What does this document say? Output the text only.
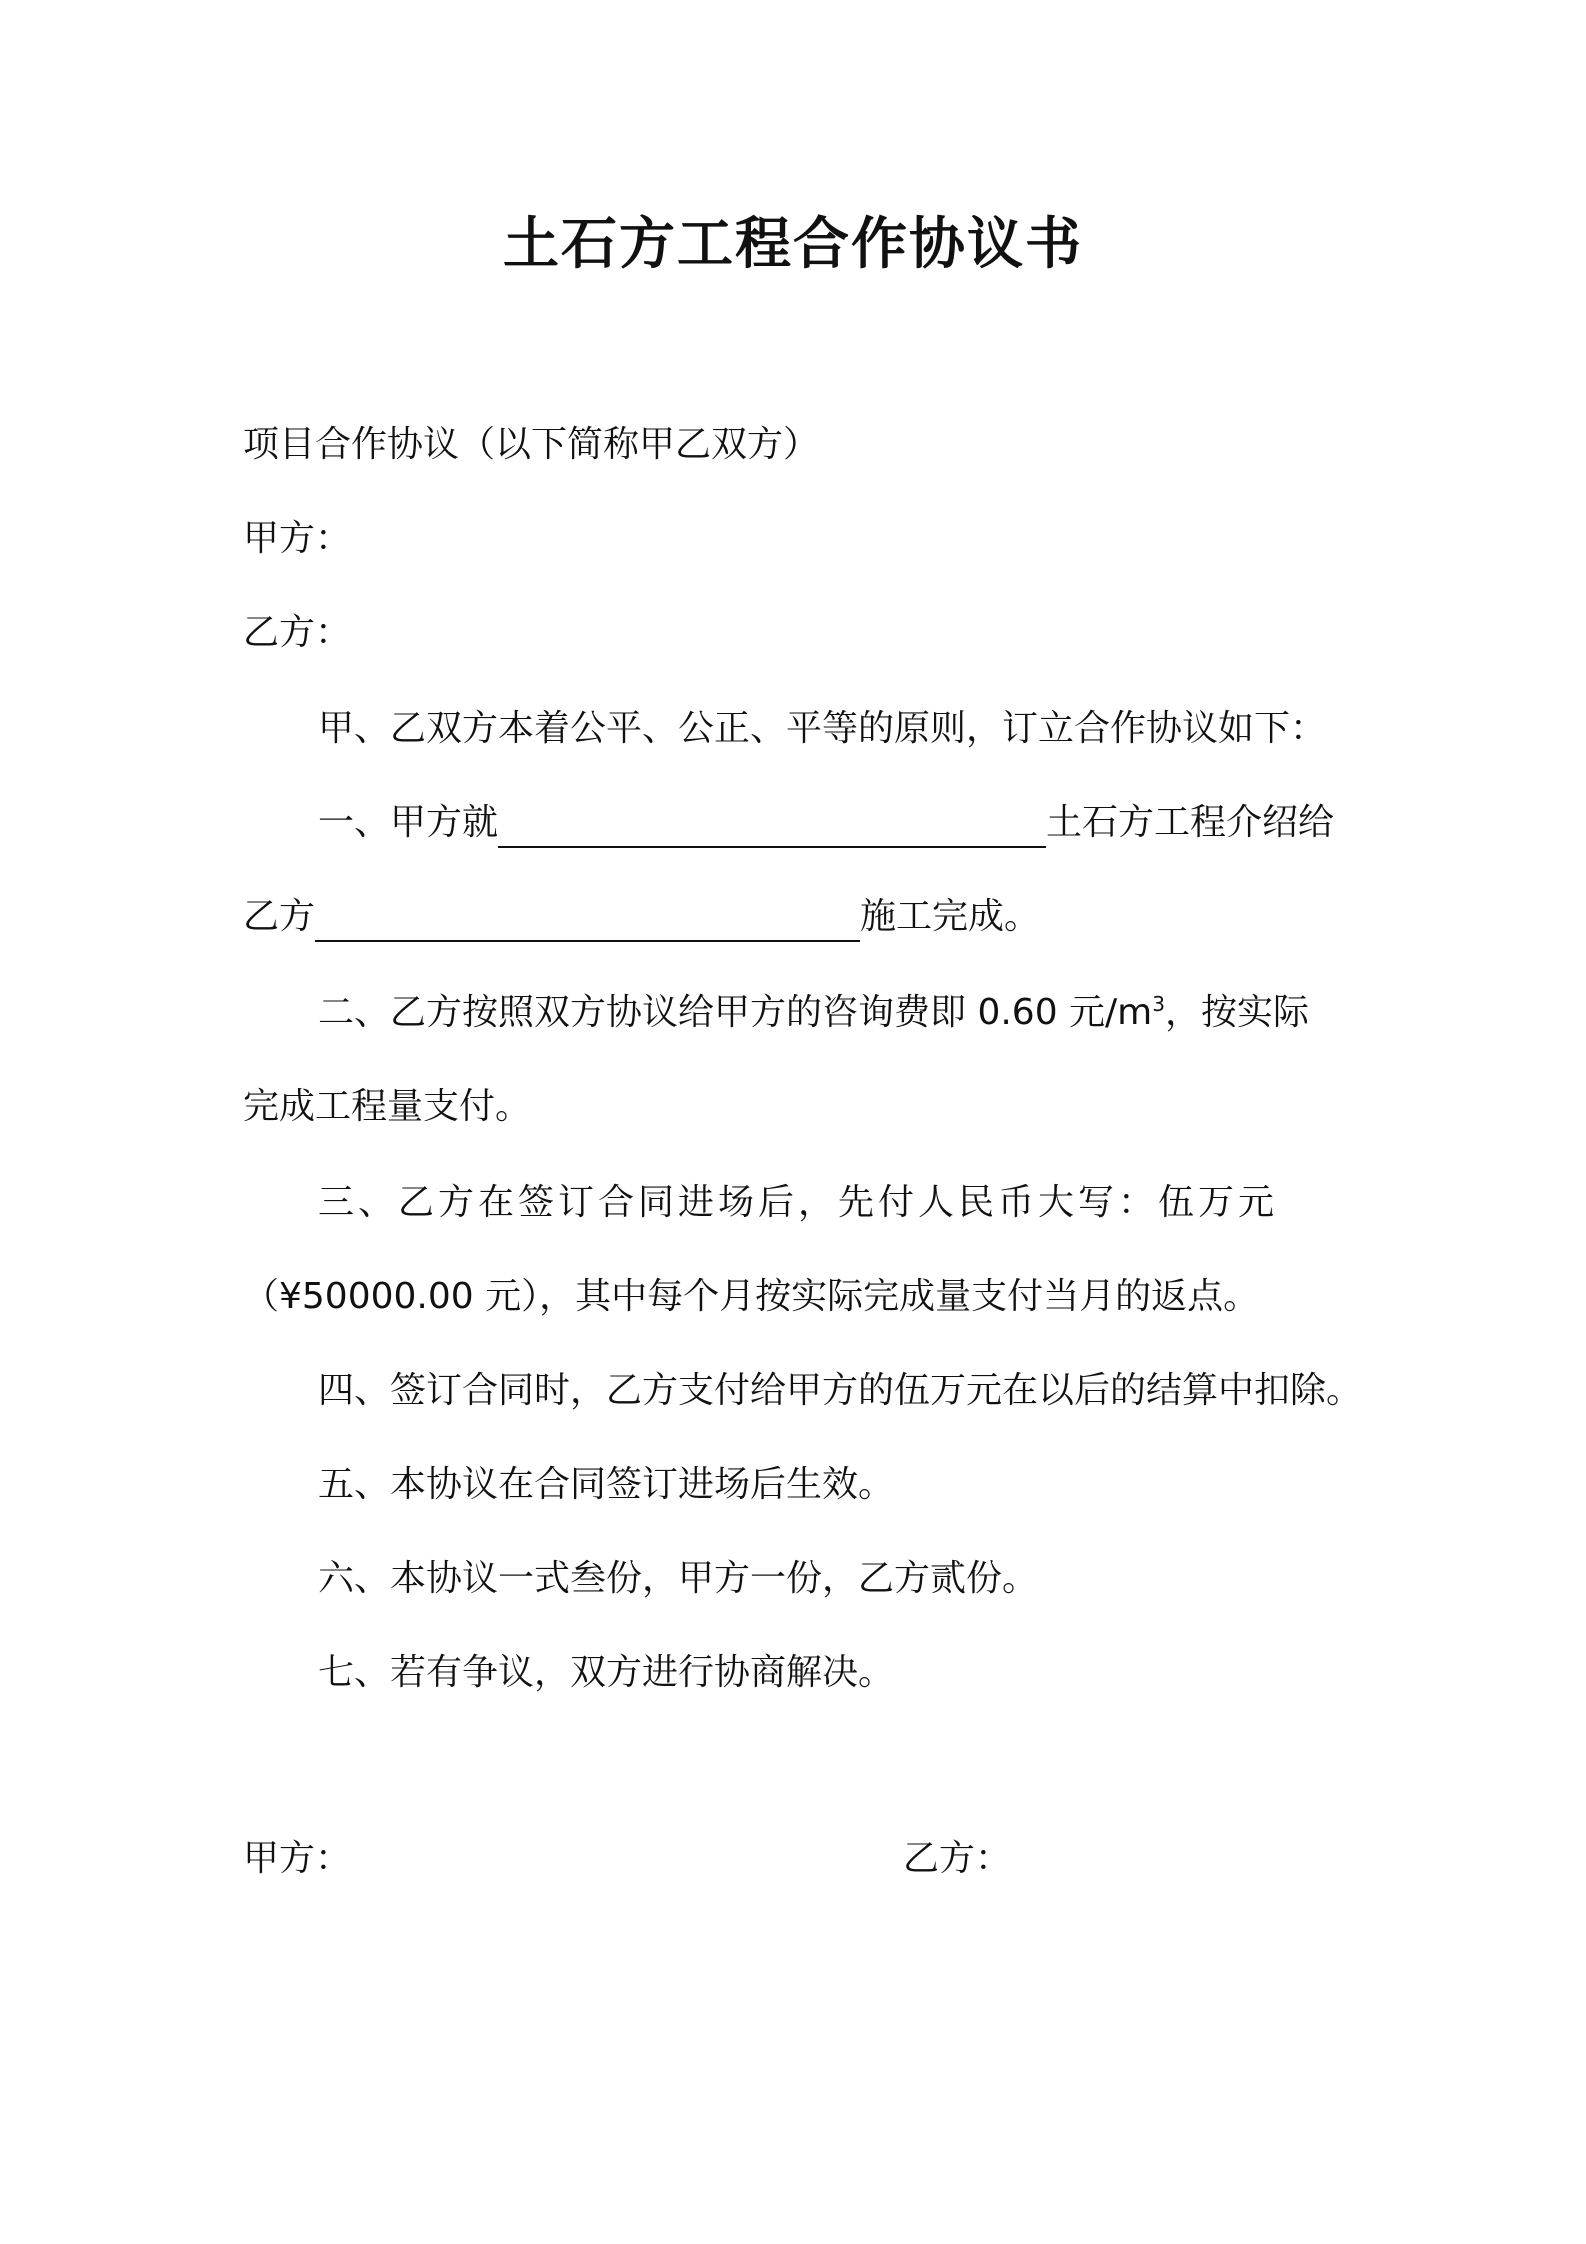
土石方工程合作协议书
项目合作协议（以下简称甲乙双方）
甲方：
乙方：
甲、乙双方本着公平、公正、平等的原则，订立合作协议如下：
一、甲方就	土石方工程介绍给
乙方	施工完成。
二、乙方按照双方协议给甲方的咨询费即 0.60 元$/m^3$，按实际
完成工程量支付。
三、乙方在签订合同进场后，先付人民币大写：伍万元
（¥50000.00 元），其中每个月按实际完成量支付当月的返点。
四、签订合同时，乙方支付给甲方的伍万元在以后的结算中扣除。
五、本协议在合同签订进场后生效。
六、本协议一式叁份，甲方一份，乙方贰份。
七、若有争议，双方进行协商解决。
甲方：	乙方：
